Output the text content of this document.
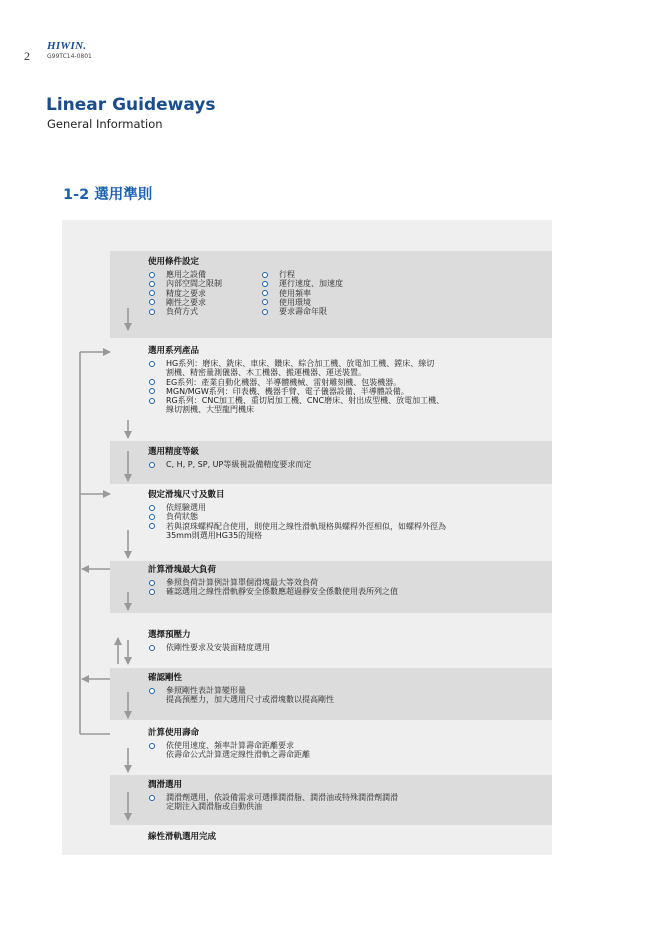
2
HIWIN.
G99TC14-0801
Linear Guideways
General Information
1-2 選用準則
使用條件設定
應用之設備
內部空間之限制
精度之要求
剛性之要求
負荷方式
行程
運行速度、加速度
使用頻率
使用環境
要求壽命年限
選用系列產品
HG系列：磨床、銑床、車床、鑽床、綜合加工機、放電加工機、鏜床、線切
割機、精密量測儀器、木工機器、搬運機器、運送裝置。
EG系列：產業自動化機器、半導體機械、雷射雕刻機、包裝機器。
MGN/MGW系列：印表機、機器手臂、電子儀器設備、半導體設備。
RG系列：CNC加工機、重切屑加工機、CNC磨床、射出成型機、放電加工機、
線切割機、大型龍門機床
選用精度等級
C, H, P, SP, UP等級視設備精度要求而定
假定滑塊尺寸及數目
依經驗選用
負荷狀態
若與滾珠螺桿配合使用，則使用之線性滑軌規格與螺桿外徑相似，如螺桿外徑為
35mm則選用HG35的規格
計算滑塊最大負荷
參照負荷計算例計算單個滑塊最大等效負荷
確認選用之線性滑軌靜安全係數應超過靜安全係數使用表所列之值
選擇預壓力
依剛性要求及安裝面精度選用
確認剛性
參照剛性表計算變形量
提高預壓力，加大選用尺寸或滑塊數以提高剛性
計算使用壽命
依使用速度、頻率計算壽命距離要求
依壽命公式計算選定線性滑軌之壽命距離
潤滑選用
潤滑劑選用，依設備需求可選擇潤滑脂、潤滑油或特殊潤滑劑潤滑
定期注入潤滑脂或自動供油
線性滑軌選用完成
